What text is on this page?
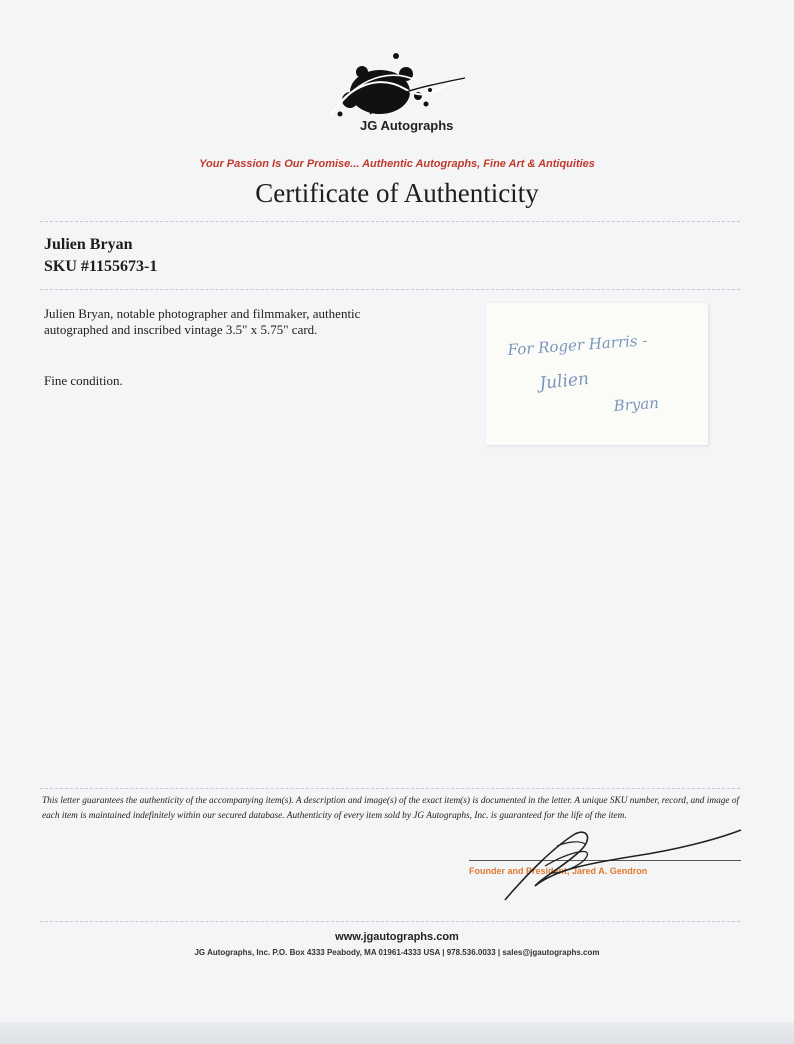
JG Autographs
Your Passion Is Our Promise... Authentic Autographs, Fine Art & Antiquities
Certificate of Authenticity
Julien Bryan
SKU #1155673-1
Julien Bryan, notable photographer and filmmaker, authentic autographed and inscribed vintage 3.5" x 5.75" card.
Fine condition.
For Roger Harris -
Julien
Bryan
This letter guarantees the authenticity of the accompanying item(s). A description and image(s) of the exact item(s) is documented in the letter. A unique SKU number, record, and image of each item is maintained indefinitely within our secured database. Authenticity of every item sold by JG Autographs, Inc. is guaranteed for the life of the item.
Founder and President, Jared A. Gendron
www.jgautographs.com
JG Autographs, Inc. P.O. Box 4333 Peabody, MA 01961-4333 USA | 978.536.0033 | sales@jgautographs.com
